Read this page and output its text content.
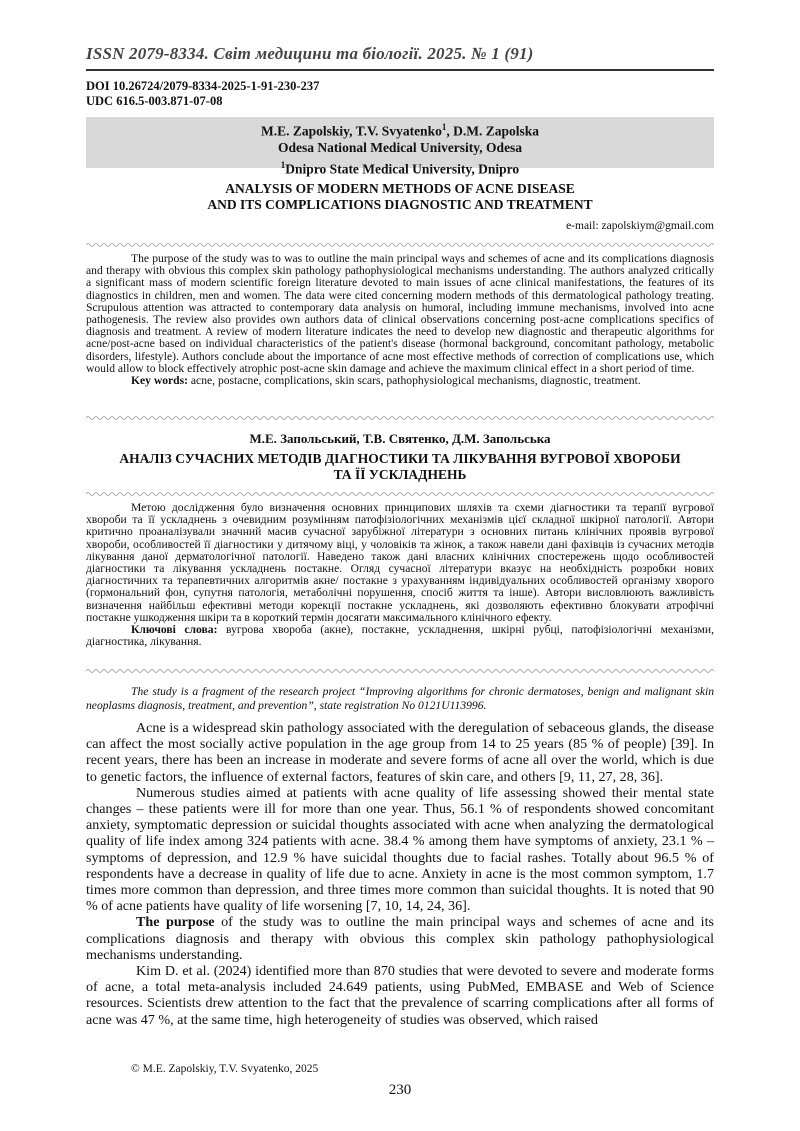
ISSN 2079-8334. Світ медицини та біології. 2025. № 1 (91)
DOI 10.26724/2079-8334-2025-1-91-230-237
UDC 616.5-003.871-07-08
M.E. Zapolskiy, T.V. Svyatenko$^1$, D.M. Zapolska
Odesa National Medical University, Odesa
$^1$Dnipro State Medical University, Dnipro
ANALYSIS OF MODERN METHODS OF ACNE DISEASE
AND ITS COMPLICATIONS DIAGNOSTIC AND TREATMENT
e-mail: zapolskiym@gmail.com

The purpose of the study was to was to outline the main principal ways and schemes of acne and its complications diagnosis and therapy with obvious this complex skin pathology pathophysiological mechanisms understanding. The authors analyzed critically a significant mass of modern scientific foreign literature devoted to main issues of acne clinical manifestations, the features of its diagnostics in children, men and women. The data were cited concerning modern methods of this dermatological pathology treating. Scrupulous attention was attracted to contemporary data analysis on humoral, including immune mechanisms, involved into acne pathogenesis. The review also provides own authors data of clinical observations concerning post-acne complications specifics of diagnosis and treatment. A review of modern literature indicates the need to develop new diagnostic and therapeutic algorithms for acne/post-acne based on individual characteristics of the patient's disease (hormonal background, concomitant pathology, metabolic disorders, lifestyle). Authors conclude about the importance of acne most effective methods of correction of complications use, which would allow to block effectively atrophic post-acne skin damage and achieve the maximum clinical effect in a short period of time.

Key words: acne, postacne, complications, skin scars, pathophysiological mechanisms, diagnostic, treatment.

М.Е. Запольський, Т.В. Святенко, Д.М. Запольська
АНАЛІЗ СУЧАСНИХ МЕТОДІВ ДІАГНОСТИКИ ТА ЛІКУВАННЯ ВУГРОВОЇ ХВОРОБИ
ТА ЇЇ УСКЛАДНЕНЬ

Метою дослідження було визначення основних принципових шляхів та схеми діагностики та терапії вугрової хвороби та її ускладнень з очевидним розумінням патофізіологічних механізмів цієї складної шкірної патології. Автори критично проаналізували значний масив сучасної зарубіжної літератури з основних питань клінічних проявів вугрової хвороби, особливостей її діагностики у дитячому віці, у чоловіків та жінок, а також навели дані фахівців із сучасних методів лікування даної дерматологічної патології. Наведено також дані власних клінічних спостережень щодо особливостей діагностики та лікування ускладнень постакне. Огляд сучасної літератури вказує на необхідність розробки нових діагностичних та терапевтичних алгоритмів акне/ постакне з урахуванням індивідуальних особливостей організму хворого (гормональний фон, супутня патологія, метаболічні порушення, спосіб життя та інше). Автори висловлюють важливість визначення найбільш ефективні методи корекції постакне ускладнень, які дозволяють ефективно блокувати атрофічні постакне ушкодження шкіри та в короткий термін досягати максимального клінічного ефекту.

Ключові слова: вугрова хвороба (акне), постакне, ускладнення, шкірні рубці, патофізіологічні механізми, діагностика, лікування.

The study is a fragment of the research project “Improving algorithms for chronic dermatoses, benign and malignant skin neoplasms diagnosis, treatment, and prevention”, state registration No 0121U113996.

Acne is a widespread skin pathology associated with the deregulation of sebaceous glands, the disease can affect the most socially active population in the age group from 14 to 25 years (85 % of people) [39]. In recent years, there has been an increase in moderate and severe forms of acne all over the world, which is due to genetic factors, the influence of external factors, features of skin care, and others [9, 11, 27, 28, 36].

Numerous studies aimed at patients with acne quality of life assessing showed their mental state changes – these patients were ill for more than one year. Thus, 56.1 % of respondents showed concomitant anxiety, symptomatic depression or suicidal thoughts associated with acne when analyzing the dermatological quality of life index among 324 patients with acne. 38.4 % among them have symptoms of anxiety, 23.1 % – symptoms of depression, and 12.9 % have suicidal thoughts due to facial rashes. Totally about 96.5 % of respondents have a decrease in quality of life due to acne. Anxiety in acne is the most common symptom, 1.7 times more common than depression, and three times more common than suicidal thoughts. It is noted that 90 % of acne patients have quality of life worsening [7, 10, 14, 24, 36].

The purpose of the study was to outline the main principal ways and schemes of acne and its complications diagnosis and therapy with obvious this complex skin pathology pathophysiological mechanisms understanding.

Kim D. et al. (2024) identified more than 870 studies that were devoted to severe and moderate forms of acne, a total meta-analysis included 24.649 patients, using PubMed, EMBASE and Web of Science resources. Scientists drew attention to the fact that the prevalence of scarring complications after all forms of acne was 47 %, at the same time, high heterogeneity of studies was observed, which raised

© M.E. Zapolskiy, T.V. Svyatenko, 2025
230
